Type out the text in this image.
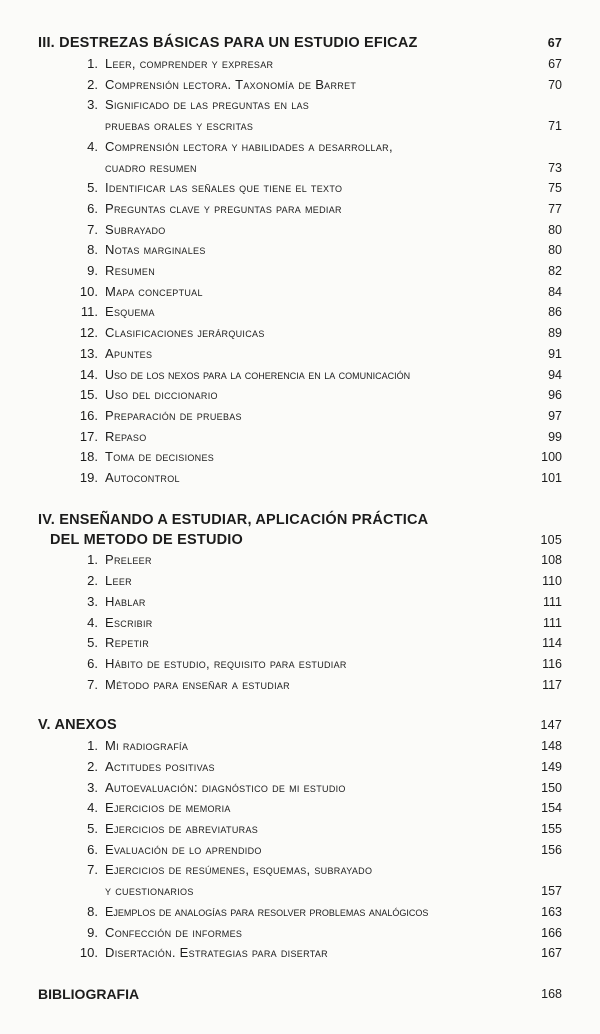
III. DESTREZAS BÁSICAS PARA UN ESTUDIO EFICAZ	67
1. Leer, comprender y expresar	67
2. Comprensión lectora. Taxonomía de Barret	70
3. Significado de las preguntas en las
pruebas orales y escritas	71
4. Comprensión lectora y habilidades a desarrollar,
cuadro resumen	73
5. Identificar las señales que tiene el texto	75
6. Preguntas clave y preguntas para mediar	77
7. Subrayado	80
8. Notas marginales	80
9. Resumen	82
10. Mapa conceptual	84
11. Esquema	86
12. Clasificaciones jerárquicas	89
13. Apuntes	91
14. Uso de los nexos para la coherencia en la comunicación	94
15. Uso del diccionario	96
16. Preparación de pruebas	97
17. Repaso	99
18. Toma de decisiones	100
19. Autocontrol	101
IV. ENSEÑANDO A ESTUDIAR, APLICACIÓN PRÁCTICA
DEL METODO DE ESTUDIO	105
1. Preleer	108
2. Leer	110
3. Hablar	111
4. Escribir	111
5. Repetir	114
6. Hábito de estudio, requisito para estudiar	116
7. Método para enseñar a estudiar	117
V. ANEXOS	147
1. Mi radiografía	148
2. Actitudes positivas	149
3. Autoevaluación: diagnóstico de mi estudio	150
4. Ejercicios de memoria	154
5. Ejercicios de abreviaturas	155
6. Evaluación de lo aprendido	156
7. Ejercicios de resúmenes, esquemas, subrayado
y cuestionarios	157
8. Ejemplos de analogías para resolver problemas analógicos	163
9. Confección de informes	166
10. Disertación. Estrategias para disertar	167
BIBLIOGRAFIA	168
